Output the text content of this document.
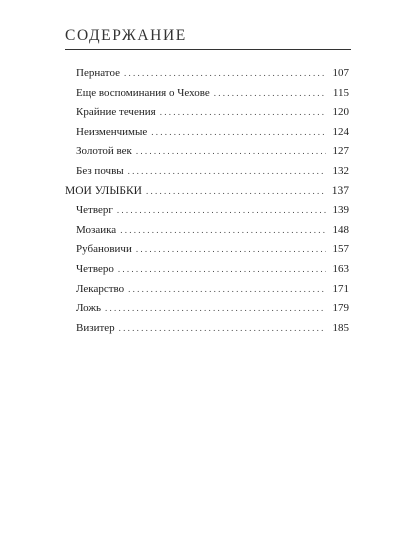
СОДЕРЖАНИЕ
Пернатое . . .	107
Еще воспоминания о Чехове . . .	115
Крайние течения . . .	120
Неизменчимые . . .	124
Золотой век . . .	127
Без почвы . . .	132
МОИ УЛЫБКИ . . .	137
Четверг . . .	139
Мозаика . . .	148
Рубановичи . . .	157
Четверо . . .	163
Лекарство . . .	171
Ложь . . .	179
Визитер . . .	185
